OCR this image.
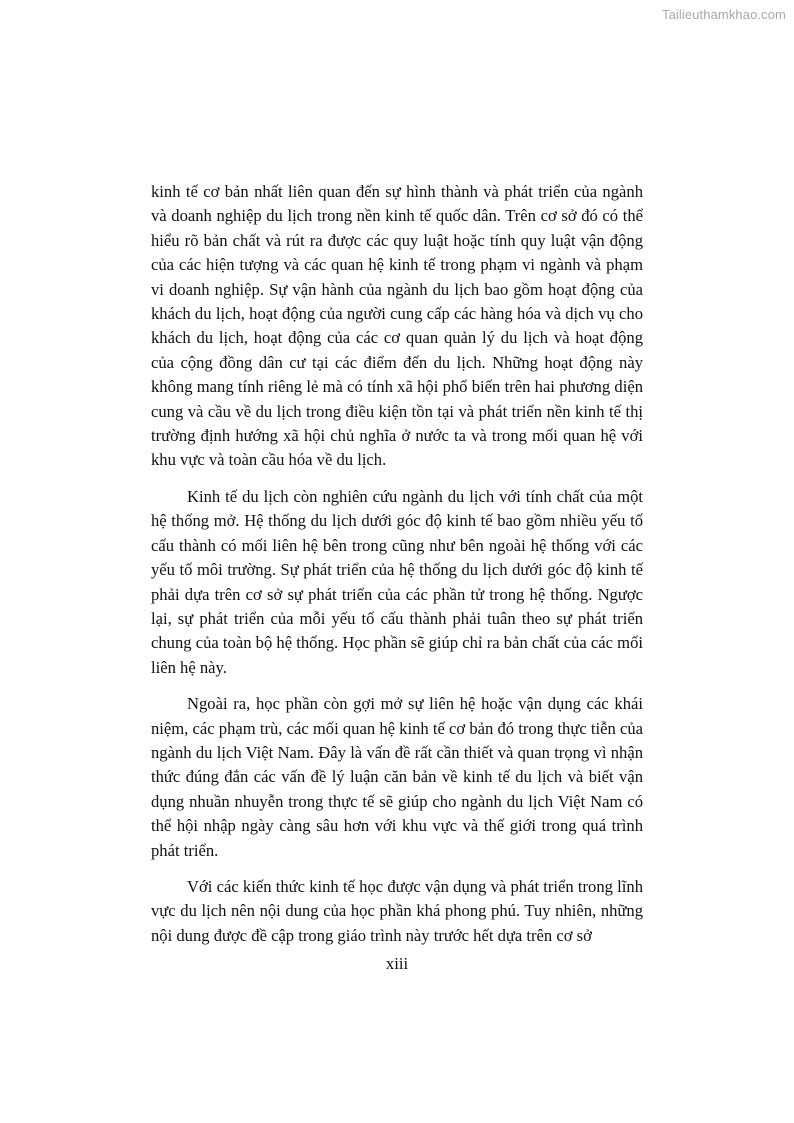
Tailieuthamkhao.com

kinh tế cơ bản nhất liên quan đến sự hình thành và phát triển của ngành và doanh nghiệp du lịch trong nền kinh tế quốc dân. Trên cơ sở đó có thể hiểu rõ bản chất và rút ra được các quy luật hoặc tính quy luật vận động của các hiện tượng và các quan hệ kinh tế trong phạm vi ngành và phạm vi doanh nghiệp. Sự vận hành của ngành du lịch bao gồm hoạt động của khách du lịch, hoạt động của người cung cấp các hàng hóa và dịch vụ cho khách du lịch, hoạt động của các cơ quan quản lý du lịch và hoạt động của cộng đồng dân cư tại các điểm đến du lịch. Những hoạt động này không mang tính riêng lẻ mà có tính xã hội phổ biến trên hai phương diện cung và cầu về du lịch trong điều kiện tồn tại và phát triển nền kinh tế thị trường định hướng xã hội chủ nghĩa ở nước ta và trong mối quan hệ với khu vực và toàn cầu hóa về du lịch.

Kinh tế du lịch còn nghiên cứu ngành du lịch với tính chất của một hệ thống mở. Hệ thống du lịch dưới góc độ kinh tế bao gồm nhiều yếu tố cấu thành có mối liên hệ bên trong cũng như bên ngoài hệ thống với các yếu tố môi trường. Sự phát triển của hệ thống du lịch dưới góc độ kinh tế phải dựa trên cơ sở sự phát triển của các phần tử trong hệ thống. Ngược lại, sự phát triển của mỗi yếu tố cấu thành phải tuân theo sự phát triển chung của toàn bộ hệ thống. Học phần sẽ giúp chỉ ra bản chất của các mối liên hệ này.

Ngoài ra, học phần còn gợi mở sự liên hệ hoặc vận dụng các khái niệm, các phạm trù, các mối quan hệ kinh tế cơ bản đó trong thực tiễn của ngành du lịch Việt Nam. Đây là vấn đề rất cần thiết và quan trọng vì nhận thức đúng đắn các vấn đề lý luận căn bản về kinh tế du lịch và biết vận dụng nhuần nhuyễn trong thực tế sẽ giúp cho ngành du lịch Việt Nam có thể hội nhập ngày càng sâu hơn với khu vực và thế giới trong quá trình phát triển.

Với các kiến thức kinh tế học được vận dụng và phát triển trong lĩnh vực du lịch nên nội dung của học phần khá phong phú. Tuy nhiên, những nội dung được đề cập trong giáo trình này trước hết dựa trên cơ sở

xiii
